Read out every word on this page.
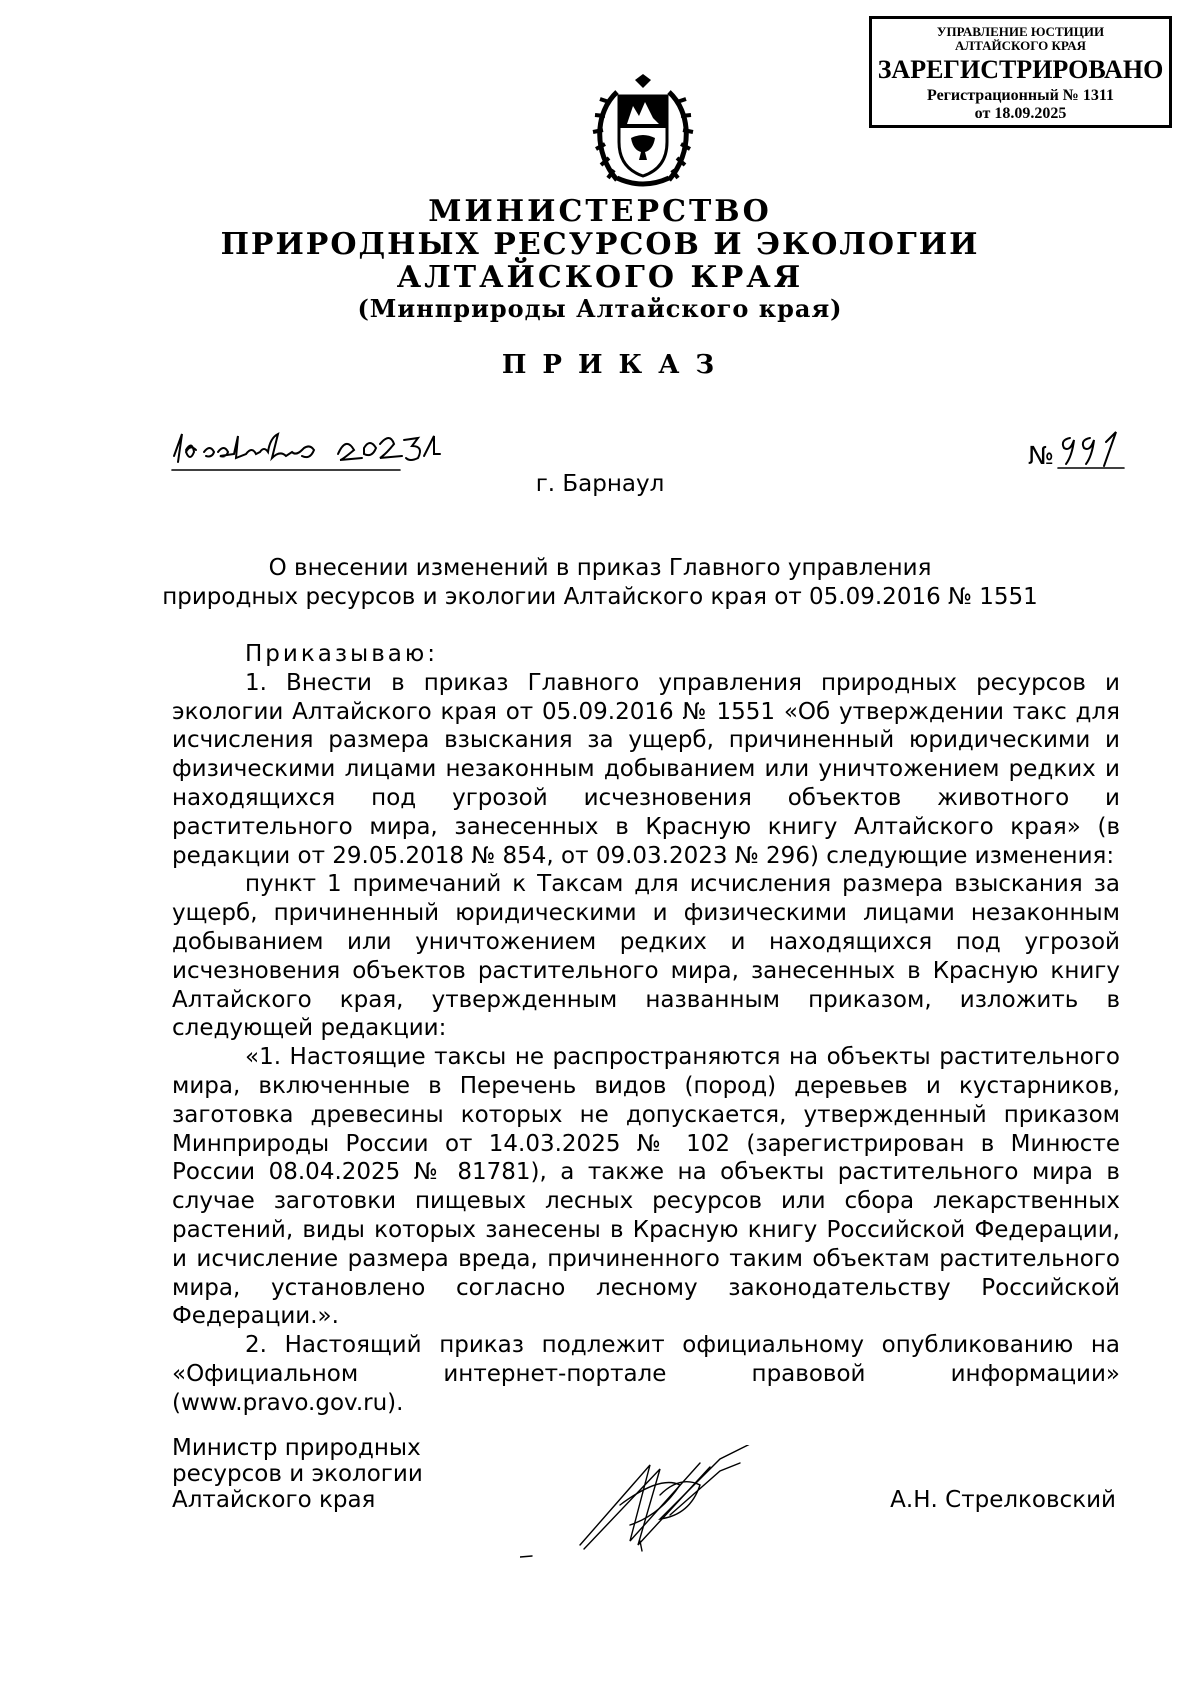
УПРАВЛЕНИЕ ЮСТИЦИИ
АЛТАЙСКОГО КРАЯ
ЗАРЕГИСТРИРОВАНО
Регистрационный № 1311
от 18.09.2025
МИНИСТЕРСТВО
ПРИРОДНЫХ РЕСУРСОВ И ЭКОЛОГИИ
АЛТАЙСКОГО КРАЯ
(Минприроды Алтайского края)
ПРИКАЗ
№
г. Барнаул
О внесении изменений в приказ Главного управления
природных ресурсов и экологии Алтайского края от 05.09.2016 № 1551

Приказываю:

1. Внести в приказ Главного управления природных ресурсов и экологии Алтайского края от 05.09.2016 № 1551 «Об утверждении такс для исчисления размера взыскания за ущерб, причиненный юридическими и физическими лицами незаконным добыванием или уничтожением редких и находящихся под угрозой исчезновения объектов животного и растительного мира, занесенных в Красную книгу Алтайского края» (в редакции от 29.05.2018 № 854, от 09.03.2023 № 296) следующие изменения:

пункт 1 примечаний к Таксам для исчисления размера взыскания за ущерб, причиненный юридическими и физическими лицами незаконным добыванием или уничтожением редких и находящихся под угрозой исчезновения объектов растительного мира, занесенных в Красную книгу Алтайского края, утвержденным названным приказом, изложить в следующей редакции:

«1. Настоящие таксы не распространяются на объекты растительного мира, включенные в Перечень видов (пород) деревьев и кустарников, заготовка древесины которых не допускается, утвержденный приказом Минприроды России от 14.03.2025 № 102 (зарегистрирован в Минюсте России 08.04.2025 № 81781), а также на объекты растительного мира в случае заготовки пищевых лесных ресурсов или сбора лекарственных растений, виды которых занесены в Красную книгу Российской Федерации, и исчисление размера вреда, причиненного таким объектам растительного мира, установлено согласно лесному законодательству Российской Федерации.».

2. Настоящий приказ подлежит официальному опубликованию на «Официальном интернет-портале правовой информации» (www.pravo.gov.ru).

Министр природных
ресурсов и экологии
Алтайского края	А.Н. Стрелковский
